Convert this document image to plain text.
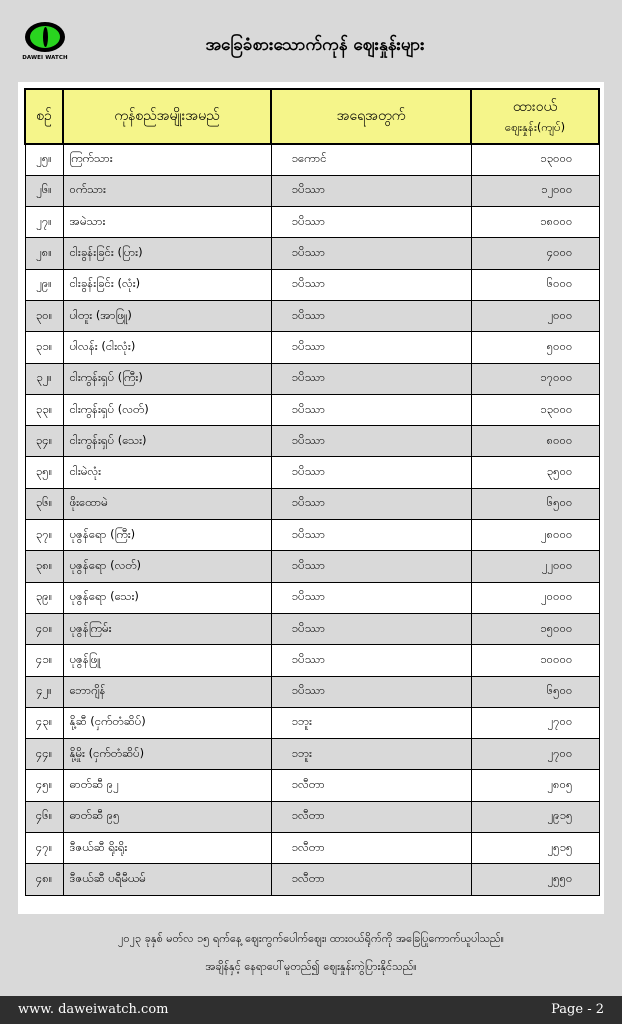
DAWEI WATCH
အခြေခံစားသောက်ကုန် ဈေးနှုန်းများ
စဉ်	ကုန်စည်အမျိုးအမည်	အရေအတွက်	ထားဝယ်
ဈေးနှုန်း(ကျပ်)

၂၅။	ကြက်သား	၁ကောင်	၁၃၀၀၀
၂၆။	ဝက်သား	၁ပိဿာ	၁၂၀၀၀
၂၇။	အမဲသား	၁ပိဿာ	၁၈၀၀၀
၂၈။	ငါးခွန်းခြင်း (ပြား)	၁ပိဿာ	၄၀၀၀
၂၉။	ငါးခွန်းခြင်း (လုံး)	၁ပိဿာ	၆၀၀၀
၃၀။	ပါတူး (အာဖြူ)	၁ပိဿာ	၂၀၀၀
၃၁။	ပါလန်း (ငါးလုံး)	၁ပိဿာ	၅၀၀၀
၃၂။	ငါးကွန်းရှပ် (ကြီး)	၁ပိဿာ	၁၇၀၀၀
၃၃။	ငါးကွန်းရှပ် (လတ်)	၁ပိဿာ	၁၃၀၀၀
၃၄။	ငါးကွန်းရှပ် (သေး)	၁ပိဿာ	၈၀၀၀
၃၅။	ငါးမဲလုံး	၁ပိဿာ	၃၅၀၀
၃၆။	ဖိုးထောမဲ	၁ပိဿာ	၆၅၀၀
၃၇။	ပုဇွန်ရော (ကြီး)	၁ပိဿာ	၂၈၀၀၀
၃၈။	ပုဇွန်ရော (လတ်)	၁ပိဿာ	၂၂၀၀၀
၃၉။	ပုဇွန်ရော (သေး)	၁ပိဿာ	၂၀၀၀၀
၄၀။	ပုဇွန်ကြမ်း	၁ပိဿာ	၁၅၀၀၀
၄၁။	ပုဇွန်ဖြူ	၁ပိဿာ	၁၀၀၀၀
၄၂။	ဘောဂျိန်	၁ပိဿာ	၆၅၀၀
၄၃။	နို့ဆီ (ငှက်တံဆိပ်)	၁ဘူး	၂၇၀၀
၄၄။	နို့မှိုး (ငှက်တံဆိပ်)	၁ဘူး	၂၇၀၀
၄၅။	ဓာတ်ဆီ ၉၂	၁လီတာ	၂၈၀၅
၄၆။	ဓာတ်ဆီ ၉၅	၁လီတာ	၂၉၁၅
၄၇။	ဒီဇယ်ဆီ ရိုးရိုး	၁လီတာ	၂၅၁၅
၄၈။	ဒီဇယ်ဆီ ပရီမီယမ်	၁လီတာ	၂၅၅၀
၂၀၂၃ ခုနှစ် မတ်လ ၁၅ ရက်နေ့ ဈေးကွက်ပေါက်ဈေး၊ ထားဝယ်ရိုက်ကို အခြေပြုကောက်ယူပါသည်။
အချိန်နှင့် နေရာပေါ်မူတည်၍ ဈေးနှုန်းကွဲပြားနိုင်သည်။
www. daweiwatch.com	Page - 2
